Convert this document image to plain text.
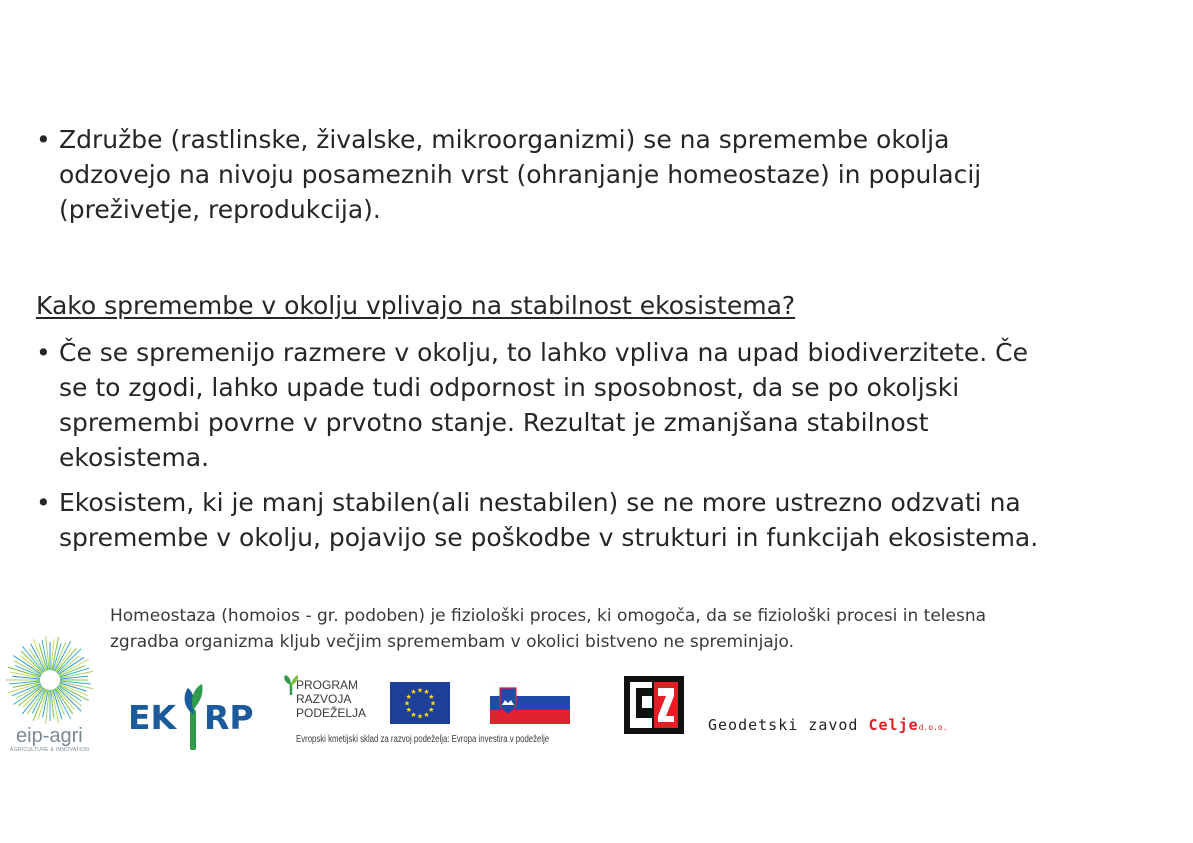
• Združbe (rastlinske, živalske, mikroorganizmi) se na spremembe okolja
odzovejo na nivoju posameznih vrst (ohranjanje homeostaze) in populacij
(preživetje, reprodukcija).
Kako spremembe v okolju vplivajo na stabilnost ekosistema?
• Če se spremenijo razmere v okolju, to lahko vpliva na upad biodiverzitete. Če
se to zgodi, lahko upade tudi odpornost in sposobnost, da se po okoljski
spremembi povrne v prvotno stanje. Rezultat je zmanjšana stabilnost
ekosistema.
• Ekosistem, ki je manj stabilen(ali nestabilen) se ne more ustrezno odzvati na
spremembe v okolju, pojavijo se poškodbe v strukturi in funkcijah ekosistema.
Homeostaza (homoios - gr. podoben) je fiziološki proces, ki omogoča, da se fiziološki procesi in telesna
zgradba organizma kljub večjim spremembam v okolici bistveno ne spreminjajo.
eip-agri
AGRICULTURE & INNOVATION
EK RP
PROGRAM
RAZVOJA
PODEŽELJA
★
★
★
★
★
★
★
★
★ ★ ★
★
Evropski kmetijski sklad za razvoj podeželja: Evropa investira v podeželje
Geodetski zavod Celjed.o.o.
